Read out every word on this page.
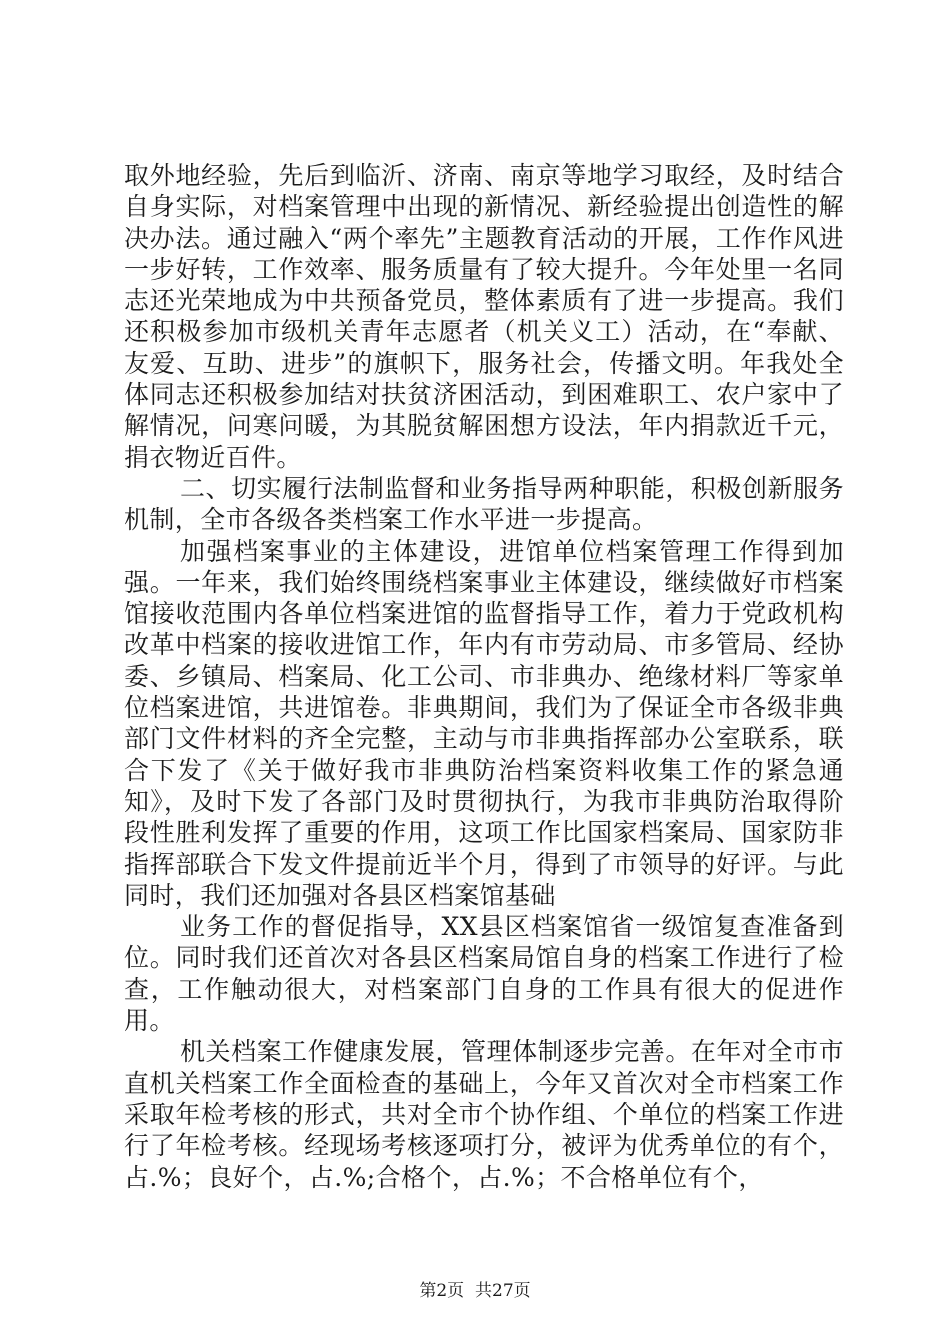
取外地经验，先后到临沂、济南、南京等地学习取经，及时结合自身实际，对档案管理中出现的新情况、新经验提出创造性的解决办法。通过融入“两个率先”主题教育活动的开展，工作作风进一步好转，工作效率、服务质量有了较大提升。今年处里一名同志还光荣地成为中共预备党员，整体素质有了进一步提高。我们还积极参加市级机关青年志愿者（机关义工）活动，在“奉献、友爱、互助、进步”的旗帜下，服务社会，传播文明。年我处全体同志还积极参加结对扶贫济困活动，到困难职工、农户家中了解情况，问寒问暖，为其脱贫解困想方设法，年内捐款近千元，捐衣物近百件。

二、切实履行法制监督和业务指导两种职能，积极创新服务机制，全市各级各类档案工作水平进一步提高。

加强档案事业的主体建设，进馆单位档案管理工作得到加强。一年来，我们始终围绕档案事业主体建设，继续做好市档案馆接收范围内各单位档案进馆的监督指导工作，着力于党政机构改革中档案的接收进馆工作，年内有市劳动局、市多管局、经协委、乡镇局、档案局、化工公司、市非典办、绝缘材料厂等家单位档案进馆，共进馆卷。非典期间，我们为了保证全市各级非典部门文件材料的齐全完整，主动与市非典指挥部办公室联系，联合下发了《关于做好我市非典防治档案资料收集工作的紧急通知》，及时下发了各部门及时贯彻执行，为我市非典防治取得阶段性胜利发挥了重要的作用，这项工作比国家档案局、国家防非指挥部联合下发文件提前近半个月，得到了市领导的好评。与此同时，我们还加强对各县区档案馆基础

业务工作的督促指导，XX县区档案馆省一级馆复查准备到位。同时我们还首次对各县区档案局馆自身的档案工作进行了检查，工作触动很大，对档案部门自身的工作具有很大的促进作用。

机关档案工作健康发展，管理体制逐步完善。在年对全市市直机关档案工作全面检查的基础上，今年又首次对全市档案工作采取年检考核的形式，共对全市个协作组、个单位的档案工作进行了年检考核。经现场考核逐项打分，被评为优秀单位的有个，占.%；良好个，占.%;合格个，占.%；不合格单位有个，

第2页 共27页
